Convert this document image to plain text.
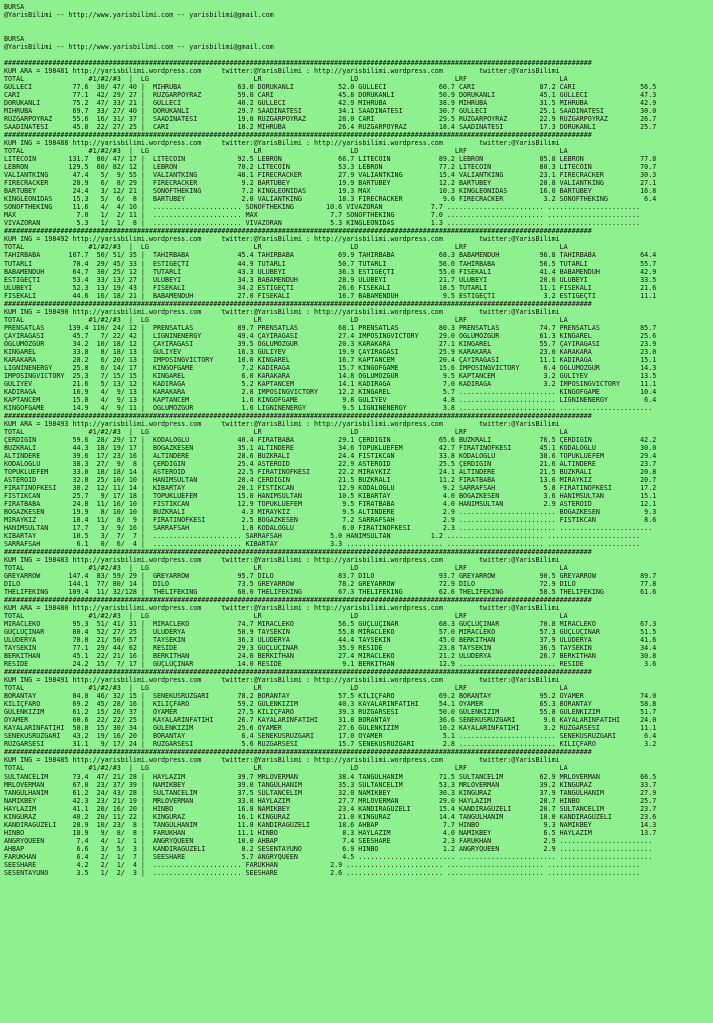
BURSA
@YarisBilimi -- http://www.yarisbilimi.com -- yarisbilimi@gmail.com
BURSA
@YarisBilimi -- http://www.yarisbilimi.com -- yarisbilimi@gmail.com
##################################################################################################################################################
KUM ARA = 198481 http://yarisbilimi.wordpress.com     twitter:@YarisBilimi : http://yarisbilimi.wordpress.com         twitter:@YarisBilimi
TOTAL                #1/#2/#3  |  LG                          LR                      LD                        LRF                       LA
GÜLLECI          77.6  30/ 47/ 40 |  MIHRUBA              63.0 DORUKANLI           52.0 GÜLLECI             60.7 CARI                87.2 CARI                56.5
CARI             77.1  42/ 29/ 27 |  RÜZGARPOYRAZ         59.0 CARI                45.8 DORUKANLI           50.9 DORUKANLI           45.1 GÜLLECI             47.3
DORUKANLI        75.2  47/ 33/ 21 |  GÜLLECI              40.2 GÜLLECI             42.9 MIHRUBA             38.9 MIHRUBA             31.5 MIHRUBA             42.9
MIHRUBA          69.7  33/ 27/ 40 |  DORUKANLI            29.7 SAADINATESI         34.1 SAADINATESI         30.7 GÜLLECI             25.1 SAADINATESI         30.0
RÜZGARPOYRAZ     55.6  16/ 31/ 37 |  SAADINATESI          19.0 RÜZGARPOYRAZ        28.0 CARI                29.5 RÜZGARPOYRAZ        22.9 RÜZGARPOYRAZ        26.7
SAADINATESI      45.8  22/ 27/ 25 |  CARI                 18.2 MIHRUBA             26.4 RÜZGARPOYRAZ        18.4 SAADINATESI         17.3 DORUKANLI           25.7
##################################################################################################################################################
KUM ING = 198488 http://yarisbilimi.wordpress.com     twitter:@YarisBilimi : http://yarisbilimi.wordpress.com         twitter:@YarisBilimi
TOTAL                #1/#2/#3  |  LG                          LR                      LD                        LRF                       LA
LITECOIN        131.7  80/ 47/ 17 |  LITECOIN             92.5 LEBRON              66.7 LITECOIN            89.2 LEBRON              85.8 LEBRON              77.8
LEBRON          129.5  60/ 82/ 12 |  LEBRON               70.2 LITECOIN            53.3 LEBRON              77.2 LITECOIN            80.3 LITECOIN            70.7
VALIANTKING      47.4   5/  9/ 55 |  VALIANTKING          48.1 FIRECRACKER         27.9 VALIANTKING         15.4 VALIANTKING         23.1 FIRECRACKER         30.3
FIRECRACKER      28.9   6/  8/ 29 |  FIRECRACKER           9.2 BARTUBEY            19.9 BARTUBEY            12.2 BARTUBEY            20.8 VALIANTKING         27.1
BARTUBEY         24.4   3/ 12/ 21 |  SONOFTHEKING          7.2 KINGLEONIDAS        19.3 MAX                 10.3 KINGLEONIDAS        16.0 BARTUBEY            16.8
KINGLEONIDAS     15.3   5/  6/  8 |  BARTUBEY              2.0 VALIANTKING         18.3 FIRECRACKER          9.0 FIRECRACKER          3.2 SONOFTHEKING         6.4
SONOFTHEKING     11.6   4/  4/ 10 |  ...................... SONOFTHEKING        10.6 VIVAZORAN            7.7 ........................ .......................
MAX               7.0   1/  2/ 11 |  ...................... MAX                  7.7 SONOFTHEKING         7.0 ........................ .......................
VIVAZORAN         5.3   1/  1/  8 |  ...................... VIVAZORAN            5.3 KINGLEONIDAS         1.3 ........................ .......................
##################################################################################################################################################
KUM ING = 198492 http://yarisbilimi.wordpress.com     twitter:@YarisBilimi : http://yarisbilimi.wordpress.com         twitter:@YarisBilimi
TOTAL                #1/#2/#3  |  LG                          LR                      LD                        LRF                       LA
TAHIRBABA       107.7  50/ 51/ 35 |  TAHIRBABA            45.4 TAHIRBABA           69.9 TAHIRBABA           68.3 BABAMENDUH          96.8 TAHIRBABA           64.4
TUTARLI          78.4  29/ 45/ 33 |  ESTIGEÇTI            44.9 TUTARLI             50.7 TUTARLI             56.0 TAHIRBABA           56.5 TUTARLI             55.7
BABAMENDUH       64.7  30/ 25/ 12 |  TUTARLI              43.3 ULUBEYI             36.3 ESTIGEÇTI           55.0 FISEKALI            41.4 BABAMENDUH          42.9
ESTIGEÇTI        53.4  33/ 13/ 27 |  ULUBEYI              34.3 BABAMENDUH          28.9 ULUBEYI             21.7 ULUBEYI             20.0 ULUBEYI             33.5
ULUBEYI          52.3  13/ 19/ 43 |  FISEKALI             34.2 ESTIGEÇTI           26.6 FISEKALI            18.5 TUTARLI             11.1 FISEKALI            21.6
FISEKALI         44.6  16/ 18/ 21 |  BABAMENDUH           27.0 FISEKALI            16.7 BABAMENDUH           9.5 ESTIGEÇTI            3.2 ESTIGEÇTI           11.1
##################################################################################################################################################
KUM ING = 198490 http://yarisbilimi.wordpress.com     twitter:@YarisBilimi : http://yarisbilimi.wordpress.com         twitter:@YarisBilimi
TOTAL                #1/#2/#3  |  LG                          LR                      LD                        LRF                       LA
PRENSATLAS      139.4 110/ 24/ 12 |  PRENSATLAS           89.7 PRENSATLAS          68.1 PRENSATLAS          80.3 PRENSATLAS          74.7 PRENSATLAS          85.7
ÇAYIRAGASI       45.7   7/ 22/ 42 |  LIGNINENERGY         49.4 ÇAYIRAGASI          27.4 IMPOSINGVICTORY     29.0 OGLUMÖZGÜR          61.3 KINGAREL            25.6
OGLUMÖZGÜR       34.2  10/ 18/ 12 |  ÇAYIRAGASI           39.5 OGLUMÖZGÜR          20.3 KARAKARA            27.1 KINGAREL            55.7 ÇAYIRAGASI          23.9
KINGAREL         33.8   8/ 18/ 13 |  GULIYEV              16.3 GULIYEV             19.9 ÇAYIRAGASI          25.9 KARAKARA            23.0 KARAKARA            23.0
KARAKARA         28.2   6/ 20/ 13 |  IMPOSINGVICTORY      10.0 KINGAREL            16.7 KAPTANCEM           20.4 ÇAYIRAGASI          11.1 KADIRAGA            15.1
LIGNINENERGY     25.8   6/ 14/ 17 |  KINGOFGAME            7.2 KADIRAGA            15.7 KINGOFGAME          15.6 IMPOSINGVICTORY      6.4 OGLUMÖZGÜR          14.3
IMPOSINGVICTORY  25.3   7/ 15/ 15 |  KINGAREL              6.0 KARAKARA            14.8 OGLUMÖZGÜR           9.5 KAPTANCEM            3.2 GULIYEV             13.5
GULIYEV          21.6   5/ 13/ 12 |  KADIRAGA              5.2 KAPTANCEM           14.1 KADIRAGA             7.0 KADIRAGA             3.2 IMPOSINGVICTORY     11.1
KADIRAGA         16.9   4/  9/ 13 |  KARAKARA              2.8 IMPOSINGVICTORY     12.2 KINGAREL             5.7 ........................ KINGOFGAME          10.4
KAPTANCEM        15.8   4/  9/ 13 |  KAPTANCEM             1.6 KINGOFGAME           9.8 GULIYEV              4.8 ........................ LIGNINENERGY         6.4
KINGOFGAME       14.9   4/  9/ 11 |  OGLUMÖZGÜR            1.6 LIGNINENERGY         9.5 LIGNINENERGY         3.8 ........................ .......................
##################################################################################################################################################
KUM ARA = 198493 http://yarisbilimi.wordpress.com     twitter:@YarisBilimi : http://yarisbilimi.wordpress.com         twitter:@YarisBilimi
TOTAL                #1/#2/#3  |  LG                          LR                      LD                        LRF                       LA
ÇERDIGIN         59.6  28/ 29/ 17 |  KODALOGLU            40.4 FIRATBABA           29.1 ÇERDIGIN            65.6 BUZKRALI            76.5 ÇERDIGIN            42.2
BUZKRALI         44.3  18/ 19/ 17 |  BOGAZKESEN           35.1 ALTINDERE           34.6 TOPUKLUEFEM         42.7 FIRATINÖFKESI       45.1 KODALOGLU           30.0
ALTINDERE        39.6  17/ 23/ 16 |  ALTINDERE            28.6 BUZKRALI            24.4 FISTIKCAN           33.8 KODALOGLU           38.6 TOPUKLUEFEM         29.4
KODALOGLU        38.3  27/  9/  8 |  ÇERDIGIN             25.4 ASTEROID            22.9 ASTEROID            25.5 ÇERDIGIN            21.6 ALTINDERE           23.7
TOPUKLUEFEM      33.0  18/ 18/ 14 |  ASTEROID             22.5 FIRATINÖFKESI       22.2 MIRAYKIZ            24.1 ALTINDERE           21.5 BUZKRALI            20.8
ASTEROID         32.8  25/ 10/ 10 |  HANIMSULTAN          20.4 ÇERDIGIN            21.5 BUZKRALI            11.2 FIRATBABA           13.6 MIRAYKIZ            20.7
FIRATINÖFKESI    30.2  12/ 11/ 14 |  KIBARTAY             20.1 FISTIKCAN           12.9 KODALOGLU            9.2 SARRAFSAH            5.8 FIRATINÖFKESI       17.2
FISTIKCAN        25.7   9/ 17/ 18 |  TOPUKLUEFEM          15.0 HANIMSULTAN         10.5 KIBARTAY             4.0 BOGAZKESEN           3.6 HANIMSULTAN         15.1
FIRATBABA        24.8  11/ 16/ 10 |  FISTIKCAN            12.9 TOPUKLUEFEM          9.5 FIRATBABA            4.0 HANIMSULTAN          2.9 ASTEROID            12.1
BOGAZKESEN       19.9   8/ 10/ 10 |  BUZKRALI              4.3 MIRAYKIZ             9.5 ALTINDERE            2.9 ........................ BOGAZKESEN           9.3
MIRAYKIZ         18.4  11/  8/  9 |  FIRATINÖFKESI         2.5 BOGAZKESEN           7.2 SARRAFSAH            2.9 ........................ FISTIKCAN            8.6
HANIMSULTAN      17.7   3/  9/ 16 |  SARRAFSAH             1.8 KODALOGLU            6.0 FIRATINÖFKESI        2.3 ........................ .......................
KIBARTAY         10.5   3/  7/  7 |  ...................... SARRAFSAH            5.0 HANIMSULTAN          1.2 ........................ .......................
SARRAFSAH         6.1   0/  6/  4 |  ...................... KIBARTAY             3.3 ........................ ........................ .......................
##################################################################################################################################################
KUM ING = 198483 http://yarisbilimi.wordpress.com     twitter:@YarisBilimi : http://yarisbilimi.wordpress.com         twitter:@YarisBilimi
TOTAL                #1/#2/#3  |  LG                          LR                      LD                        LRF                       LA
GREYARROW       147.4  83/ 59/ 29 |  GREYARROW            95.7 DILO                83.7 DILO                93.7 GREYARROW           90.5 GREYARROW           89.7
DILO            144.1  77/ 80/ 14 |  DILO                 73.5 GREYARROW           78.2 GREYARROW           72.9 DILO                72.9 DILO                77.8
THELIFEKING     109.4  11/ 32/128 |  THELIFEKING          60.0 THELIFEKING         67.3 THELIFEKING         62.6 THELIFEKING         58.5 THELIFEKING         61.6
##################################################################################################################################################
KUM ARA = 198480 http://yarisbilimi.wordpress.com     twitter:@YarisBilimi : http://yarisbilimi.wordpress.com         twitter:@YarisBilimi
TOTAL                #1/#2/#3  |  LG                          LR                      LD                        LRF                       LA
MIRACLEKO        95.3  51/ 41/ 31 |  MIRACLEKO            74.7 MIRACLEKO           56.5 GÜÇLÜÇINAR          68.3 GÜÇLÜÇINAR          70.8 MIRACLEKO           67.3
GÜÇLÜÇINAR       80.4  52/ 27/ 25 |  ULUDERYA             50.9 TAYSEKIN            55.8 MIRACLEKO           57.0 MIRACLEKO           57.3 GÜÇLÜÇINAR          51.5
ULUDERYA         78.8  21/ 50/ 57 |  TAYSEKIN             36.3 ULUDERYA            44.4 TAYSEKIN            45.0 BERKITHAN           37.9 ULUDERYA            41.6
TAYSEKIN         77.1  29/ 44/ 62 |  RESIDE               29.3 GÜÇLÜÇINAR          35.9 RESIDE              23.8 TAYSEKIN            36.5 TAYSEKIN            34.4
BERKITHAN        45.1  22/ 21/ 16 |  BERKITHAN            24.0 BERKITHAN           27.4 MIRACLEKO           21.2 ULUDERYA            26.7 BERKITHAN           30.8
RESIDE           24.2  15/  7/ 17 |  GÜÇLÜÇINAR           14.0 RESIDE               9.1 BERKITHAN           12.9 ........................ RESIDE               3.6
##################################################################################################################################################
KUM ING = 198491 http://yarisbilimi.wordpress.com     twitter:@YarisBilimi : http://yarisbilimi.wordpress.com         twitter:@YarisBilimi
TOTAL                #1/#2/#3  |  LG                          LR                      LD                        LRF                       LA
BORANTAY         84.8  46/ 32/ 15 |  SENEKUSRÜZGARI       78.2 BORANTAY            57.5 KILIÇFARO           69.2 BORANTAY            95.2 OYAMER              74.0
KILIÇFARO        69.2  45/ 28/ 16 |  KILIÇFARO            59.2 GÜLENKIZIM          40.3 KAYALARINFATIHI     54.1 OYAMER              65.3 BORANTAY            58.8
GÜLENKIZIM       61.2  15/ 26/ 37 |  OYAMER               27.5 KILIÇFARO           39.3 RÜZGARSESI          50.0 GÜLENKIZIM          55.8 GÜLENKIZIM          51.7
OYAMER           60.6  22/ 22/ 25 |  KAYALARINFATIHI      26.7 KAYALARINFATIHI     31.8 BORANTAY            36.6 SENEKUSRÜZGARI       9.6 KAYALARINFATIHI     24.0
KAYALARINFATIHI  50.8  15/ 30/ 34 |  GÜLENKIZIM           25.6 OYAMER              27.6 GÜLENKIZIM          10.2 KAYALARINFATIHI      3.2 RÜZGARSESI          11.1
SENEKUSRÜZGARI   43.2  19/ 16/ 20 |  BORANTAY              6.4 SENEKUSRÜZGARI      17.0 OYAMER               5.1 ........................ SENEKUSRÜZGARI       6.4
RÜZGARSESI       31.1   9/ 17/ 24 |  RÜZGARSESI            5.6 RÜZGARSESI          15.7 SENEKUSRÜZGARI       2.8 ........................ KILIÇFARO            3.2
##################################################################################################################################################
KUM ING = 198485 http://yarisbilimi.wordpress.com     twitter:@YarisBilimi : http://yarisbilimi.wordpress.com         twitter:@YarisBilimi
TOTAL                #1/#2/#3  |  LG                          LR                      LD                        LRF                       LA
SULTANCELIM      73.4  47/ 21/ 28 |  HAYLAZIM             39.7 MRLOVERMAN          38.4 TANGÜLHANIM         71.5 SULTANCELIM         62.9 MRLOVERMAN          66.5
MRLOVERMAN       67.0  23/ 37/ 39 |  NAMIKBEY             39.0 TANGÜLHANIM         35.3 SULTANCELIM         53.3 MRLOVERMAN          39.2 KINGURAZ            33.7
TANGÜLHANIM      61.2  24/ 43/ 28 |  SULTANCELIM          37.5 SULTANCELIM         32.0 NAMIKBEY            30.3 KINGURAZ            37.9 TANGÜLHANIM         27.9
NAMIKBEY         42.3  23/ 21/ 19 |  MRLOVERMAN           33.0 HAYLAZIM            27.7 MRLOVERMAN          29.0 HAYLAZIM            28.7 HINBO               25.7
HAYLAZIM         41.1  20/ 16/ 20 |  HINBO                16.8 NAMIKBEY            23.4 KANDIRAGÜZELI       15.4 KANDIRAGÜZELI       20.7 SULTANCELIM         23.7
KINGURAZ         40.2  20/ 11/ 22 |  KINGURAZ             16.1 KINGURAZ            21.0 KINGURAZ            14.4 TANGÜLHANIM         18.0 KANDIRAGÜZELI       23.6
KANDIRAGÜZELI    28.9  10/ 23/  8 |  TANGÜLHANIM          11.8 KANDIRAGÜZELI       18.6 AHBAP                7.7 HINBO                9.3 NAMIKBEY            14.3
HINBO            18.9   9/  8/  8 |  FARUKHAN             11.1 HINBO                8.3 HAYLAZIM             4.0 NAMIKBEY             6.5 HAYLAZIM            13.7
ANGRYQUEEN        7.4   4/  1/  1 |  ANGRYQUEEN           10.0 AHBAP                7.4 SEESHARE             2.3 FARUKHAN             2.9 .......................
AHBAP             6.6   3/  5/  3 |  KANDIRAGÜZELI         8.2 SESENTAYUNO          6.9 HINBO                1.2 ANGRYQUEEN           2.9 .......................
FARUKHAN          6.4   2/  1/  7 |  SEESHARE              5.7 ANGRYQUEEN           4.5 ........................ ........................ .......................
SEESHARE          4.2   2/  1/  4 |  ...................... FARUKHAN             2.9 ........................ ........................ .......................
SESENTAYUNO       3.5   1/  2/  3 |  ...................... SEESHARE             2.6 ........................ ........................ .......................
